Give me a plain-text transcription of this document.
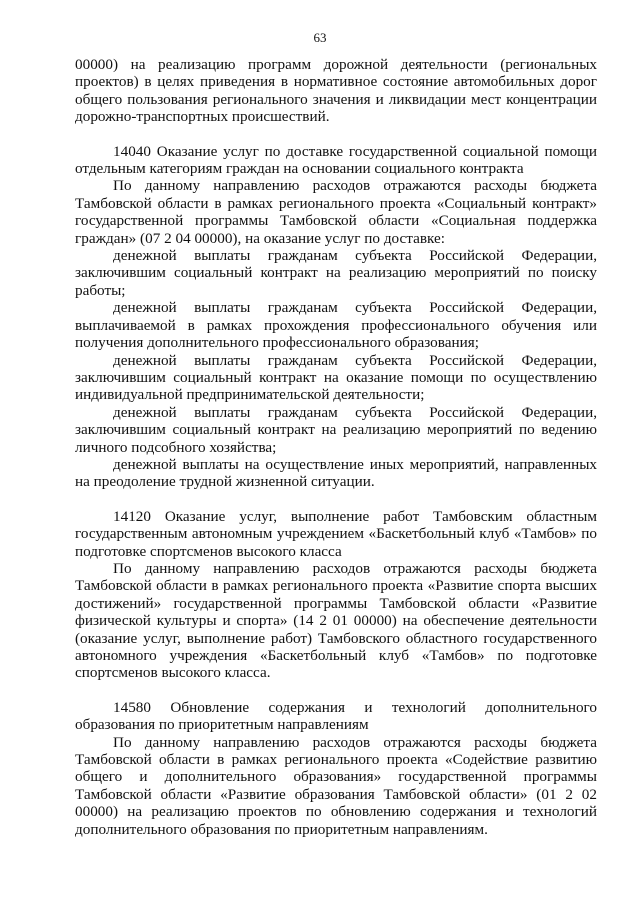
63

00000) на реализацию программ дорожной деятельности (региональных проектов) в целях приведения в нормативное состояние автомобильных дорог общего пользования регионального значения и ликвидации мест концентрации дорожно-транспортных происшествий.

14040 Оказание услуг по доставке государственной социальной помощи отдельным категориям граждан на основании социального контракта

По данному направлению расходов отражаются расходы бюджета Тамбовской области в рамках регионального проекта «Социальный контракт» государственной программы Тамбовской области «Социальная поддержка граждан» (07 2 04 00000), на оказание услуг по доставке:

денежной выплаты гражданам субъекта Российской Федерации, заключившим социальный контракт на реализацию мероприятий по поиску работы;

денежной выплаты гражданам субъекта Российской Федерации, выплачиваемой в рамках прохождения профессионального обучения или получения дополнительного профессионального образования;

денежной выплаты гражданам субъекта Российской Федерации, заключившим социальный контракт на оказание помощи по осуществлению индивидуальной предпринимательской деятельности;

денежной выплаты гражданам субъекта Российской Федерации, заключившим социальный контракт на реализацию мероприятий по ведению личного подсобного хозяйства;

денежной выплаты на осуществление иных мероприятий, направленных на преодоление трудной жизненной ситуации.

14120 Оказание услуг, выполнение работ Тамбовским областным государственным автономным учреждением «Баскетбольный клуб «Тамбов» по подготовке спортсменов высокого класса

По данному направлению расходов отражаются расходы бюджета Тамбовской области в рамках регионального проекта «Развитие спорта высших достижений» государственной программы Тамбовской области «Развитие физической культуры и спорта» (14 2 01 00000) на обеспечение деятельности (оказание услуг, выполнение работ) Тамбовского областного государственного автономного учреждения «Баскетбольный клуб «Тамбов» по подготовке спортсменов высокого класса.

14580 Обновление содержания и технологий дополнительного образования по приоритетным направлениям

По данному направлению расходов отражаются расходы бюджета Тамбовской области в рамках регионального проекта «Содействие развитию общего и дополнительного образования» государственной программы Тамбовской области «Развитие образования Тамбовской области» (01 2 02 00000) на реализацию проектов по обновлению содержания и технологий дополнительного образования по приоритетным направлениям.
